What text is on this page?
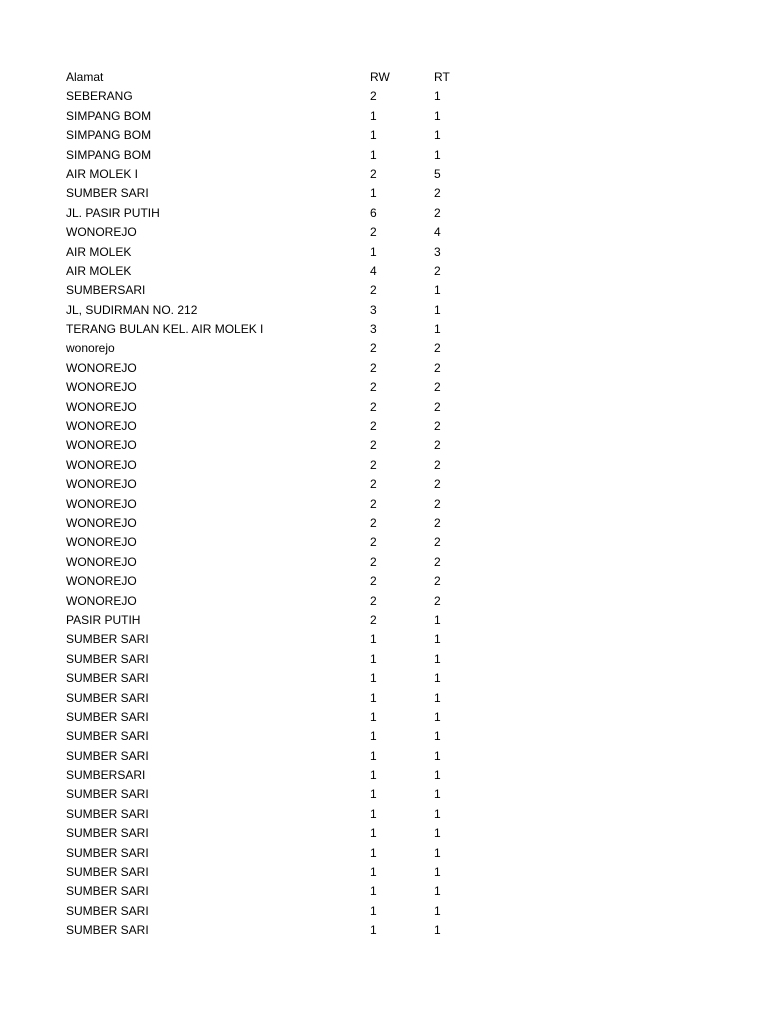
Alamat	RW	RT
SEBERANG	2	1
SIMPANG BOM	1	1
SIMPANG BOM	1	1
SIMPANG BOM	1	1
AIR MOLEK I	2	5
SUMBER SARI	1	2
JL. PASIR PUTIH	6	2
WONOREJO	2	4
AIR MOLEK	1	3
AIR MOLEK	4	2
SUMBERSARI	2	1
JL, SUDIRMAN NO. 212	3	1
TERANG BULAN KEL. AIR MOLEK I	3	1
wonorejo	2	2
WONOREJO	2	2
WONOREJO	2	2
WONOREJO	2	2
WONOREJO	2	2
WONOREJO	2	2
WONOREJO	2	2
WONOREJO	2	2
WONOREJO	2	2
WONOREJO	2	2
WONOREJO	2	2
WONOREJO	2	2
WONOREJO	2	2
WONOREJO	2	2
PASIR PUTIH	2	1
SUMBER SARI	1	1
SUMBER SARI	1	1
SUMBER SARI	1	1
SUMBER SARI	1	1
SUMBER SARI	1	1
SUMBER SARI	1	1
SUMBER SARI	1	1
SUMBERSARI	1	1
SUMBER SARI	1	1
SUMBER SARI	1	1
SUMBER SARI	1	1
SUMBER SARI	1	1
SUMBER SARI	1	1
SUMBER SARI	1	1
SUMBER SARI	1	1
SUMBER SARI	1	1
